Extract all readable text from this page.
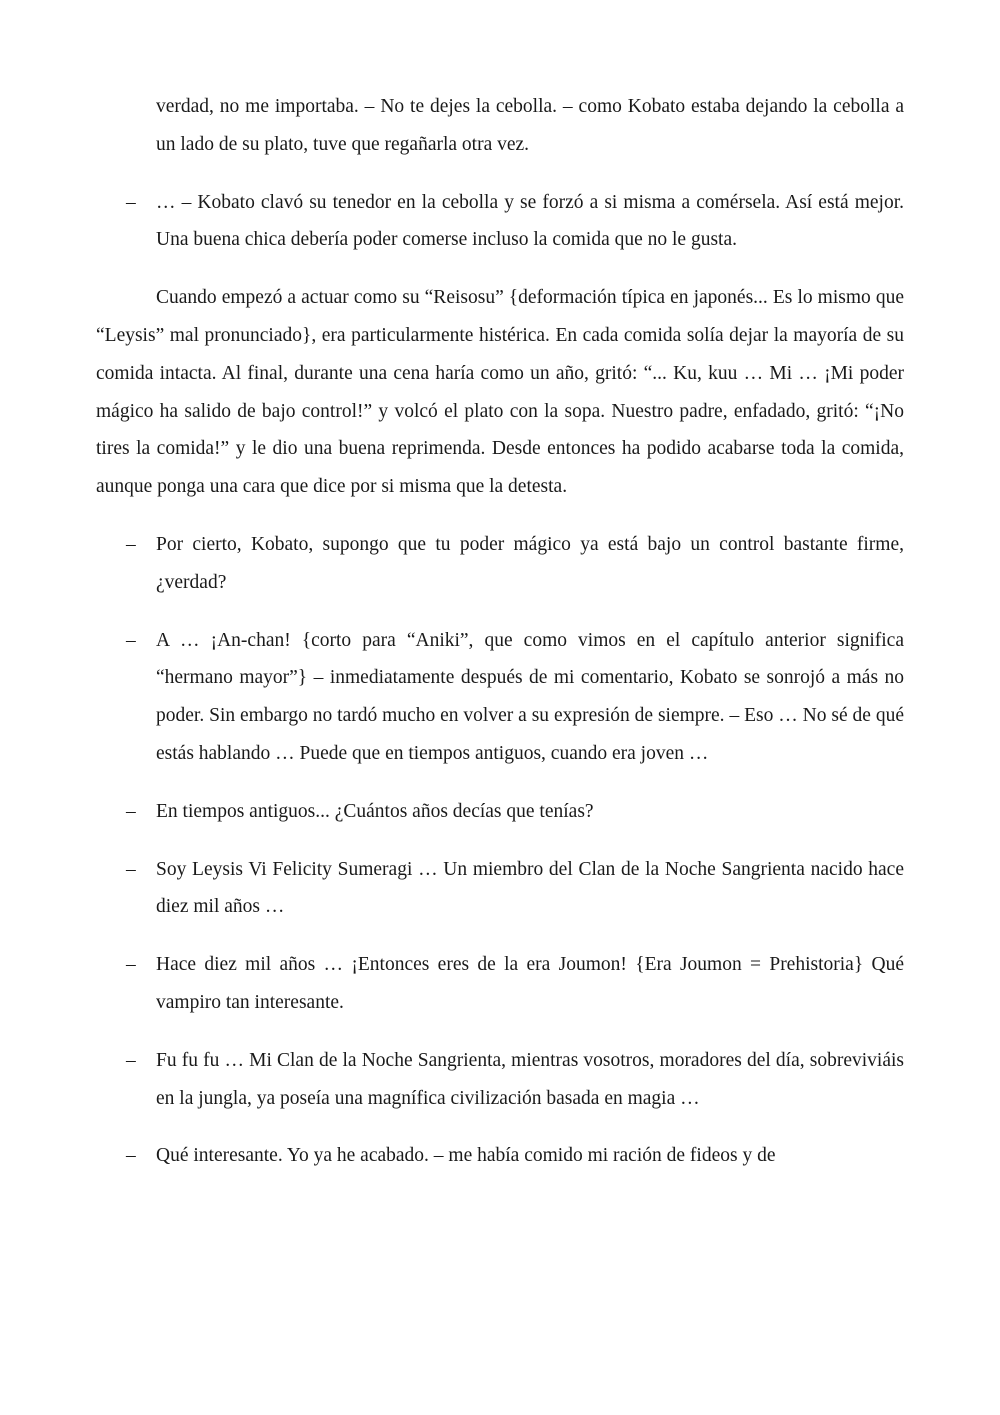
verdad, no me importaba. – No te dejes la cebolla. – como Kobato estaba dejando la cebolla a un lado de su plato, tuve que regañarla otra vez.

– … – Kobato clavó su tenedor en la cebolla y se forzó a si misma a comérsela. Así está mejor. Una buena chica debería poder comerse incluso la comida que no le gusta.

Cuando empezó a actuar como su “Reisosu” {deformación típica en japonés... Es lo mismo que “Leysis” mal pronunciado}, era particularmente histérica. En cada comida solía dejar la mayoría de su comida intacta. Al final, durante una cena haría como un año, gritó: “... Ku, kuu … Mi … ¡Mi poder mágico ha salido de bajo control!” y volcó el plato con la sopa. Nuestro padre, enfadado, gritó: “¡No tires la comida!” y le dio una buena reprimenda. Desde entonces ha podido acabarse toda la comida, aunque ponga una cara que dice por si misma que la detesta.

– Por cierto, Kobato, supongo que tu poder mágico ya está bajo un control bastante firme, ¿verdad?
– A … ¡An-chan! {corto para “Aniki”, que como vimos en el capítulo anterior significa “hermano mayor”} – inmediatamente después de mi comentario, Kobato se sonrojó a más no poder. Sin embargo no tardó mucho en volver a su expresión de siempre. – Eso … No sé de qué estás hablando … Puede que en tiempos antiguos, cuando era joven …
– En tiempos antiguos... ¿Cuántos años decías que tenías?
– Soy Leysis Vi Felicity Sumeragi … Un miembro del Clan de la Noche Sangrienta nacido hace diez mil años …
– Hace diez mil años … ¡Entonces eres de la era Joumon! {Era Joumon = Prehistoria} Qué vampiro tan interesante.
– Fu fu fu … Mi Clan de la Noche Sangrienta, mientras vosotros, moradores del día, sobreviviáis en la jungla, ya poseía una magnífica civilización basada en magia …
– Qué interesante. Yo ya he acabado. – me había comido mi ración de fideos y de
